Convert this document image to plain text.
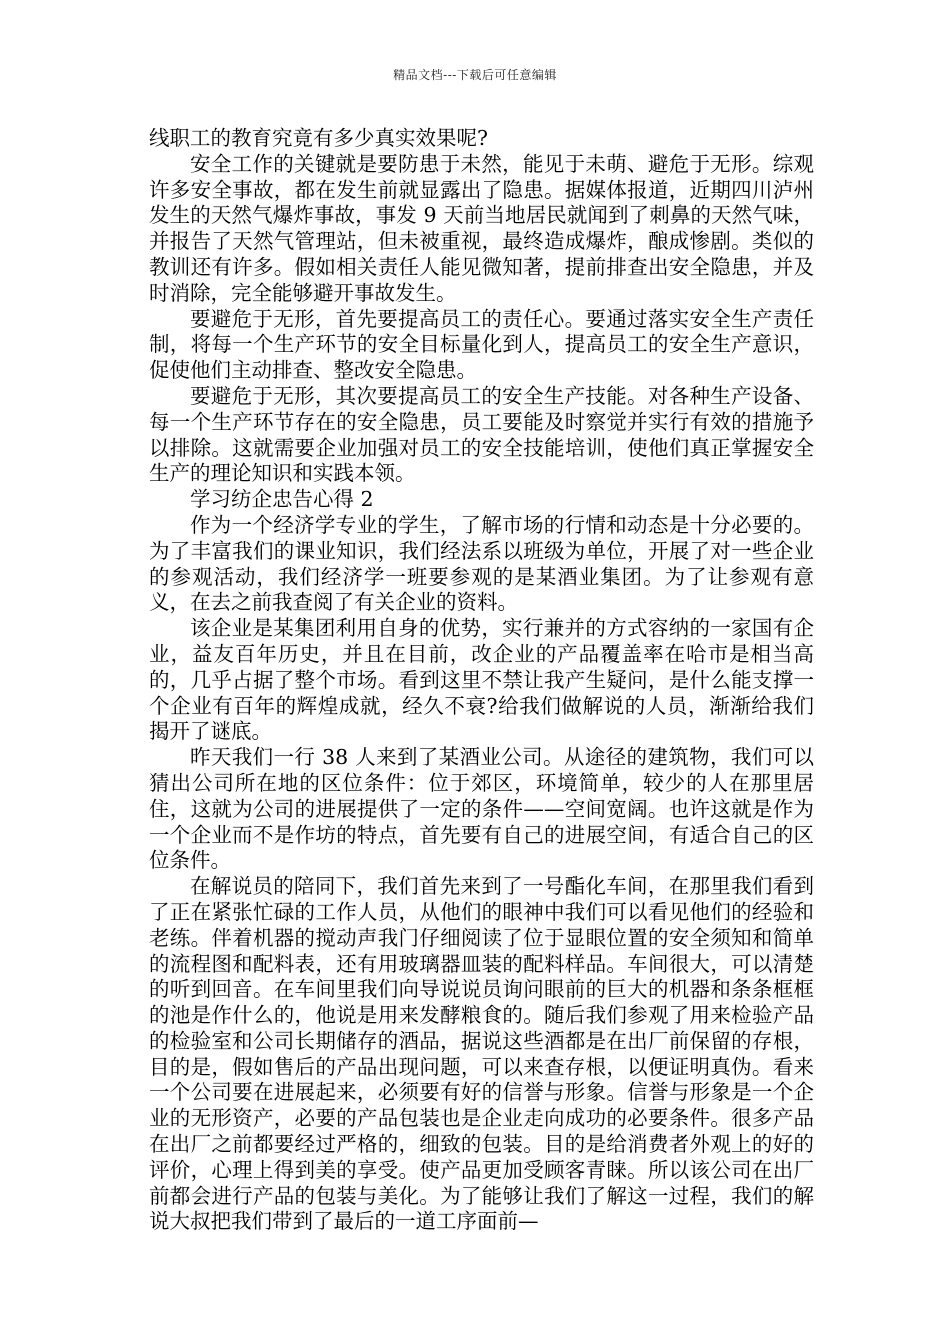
精品文档---下载后可任意编辑

线职工的教育究竟有多少真实效果呢?

安全工作的关键就是要防患于未然，能见于未萌、避危于无形。综观许多安全事故，都在发生前就显露出了隐患。据媒体报道，近期四川泸州发生的天然气爆炸事故，事发 9 天前当地居民就闻到了刺鼻的天然气味，并报告了天然气管理站，但未被重视，最终造成爆炸，酿成惨剧。类似的教训还有许多。假如相关责任人能见微知著，提前排查出安全隐患，并及时消除，完全能够避开事故发生。

要避危于无形，首先要提高员工的责任心。要通过落实安全生产责任制，将每一个生产环节的安全目标量化到人，提高员工的安全生产意识，促使他们主动排查、整改安全隐患。

要避危于无形，其次要提高员工的安全生产技能。对各种生产设备、每一个生产环节存在的安全隐患，员工要能及时察觉并实行有效的措施予以排除。这就需要企业加强对员工的安全技能培训，使他们真正掌握安全生产的理论知识和实践本领。

学习纺企忠告心得 2

作为一个经济学专业的学生，了解市场的行情和动态是十分必要的。为了丰富我们的课业知识，我们经法系以班级为单位，开展了对一些企业的参观活动，我们经济学一班要参观的是某酒业集团。为了让参观有意义，在去之前我查阅了有关企业的资料。

该企业是某集团利用自身的优势，实行兼并的方式容纳的一家国有企业，益友百年历史，并且在目前，改企业的产品覆盖率在哈市是相当高的，几乎占据了整个市场。看到这里不禁让我产生疑问，是什么能支撑一个企业有百年的辉煌成就，经久不衰?给我们做解说的人员，渐渐给我们揭开了谜底。

昨天我们一行 38 人来到了某酒业公司。从途径的建筑物，我们可以猜出公司所在地的区位条件：位于郊区，环境简单，较少的人在那里居住，这就为公司的进展提供了一定的条件——空间宽阔。也许这就是作为一个企业而不是作坊的特点，首先要有自己的进展空间，有适合自己的区位条件。

在解说员的陪同下，我们首先来到了一号酯化车间，在那里我们看到了正在紧张忙碌的工作人员，从他们的眼神中我们可以看见他们的经验和老练。伴着机器的搅动声我门仔细阅读了位于显眼位置的安全须知和简单的流程图和配料表，还有用玻璃器皿装的配料样品。车间很大，可以清楚的听到回音。在车间里我们向导说说员询问眼前的巨大的机器和条条框框的池是作什么的，他说是用来发酵粮食的。随后我们参观了用来检验产品的检验室和公司长期储存的酒品，据说这些酒都是在出厂前保留的存根，目的是，假如售后的产品出现问题，可以来查存根，以便证明真伪。看来一个公司要在进展起来，必须要有好的信誉与形象。信誉与形象是一个企业的无形资产，必要的产品包装也是企业走向成功的必要条件。很多产品在出厂之前都要经过严格的，细致的包装。目的是给消费者外观上的好的评价，心理上得到美的享受。使产品更加受顾客青睐。所以该公司在出厂前都会进行产品的包装与美化。为了能够让我们了解这一过程，我们的解说大叔把我们带到了最后的一道工序面前—
